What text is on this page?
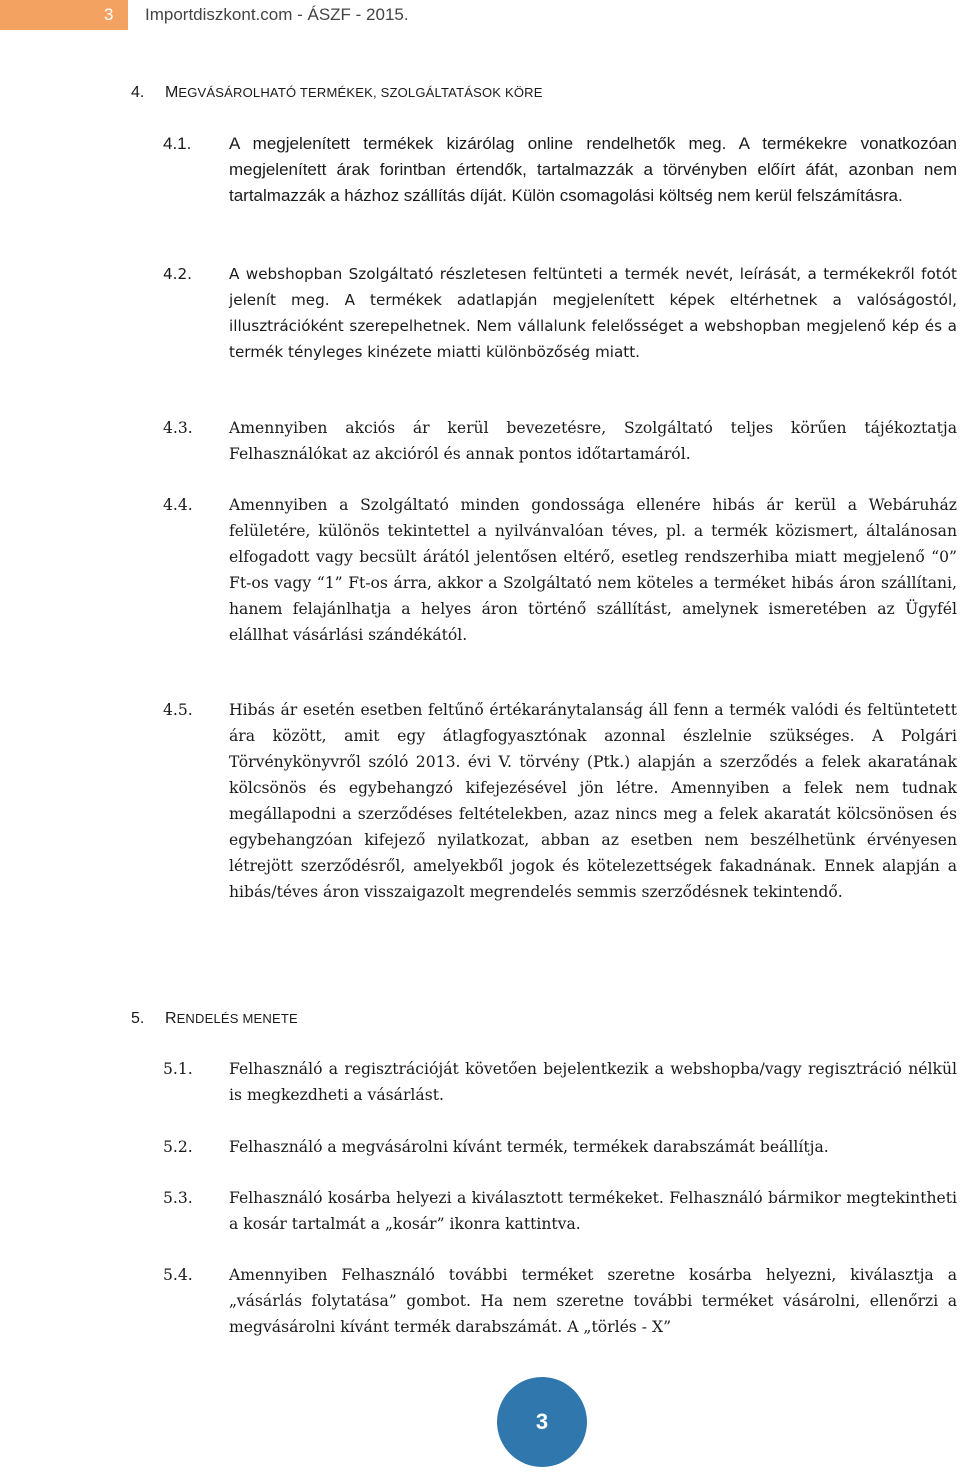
3	Importdiszkont.com - ÁSZF - 2015.
4. MEGVÁSÁROLHATÓ TERMÉKEK, SZOLGÁLTATÁSOK KÖRE
4.1. A megjelenített termékek kizárólag online rendelhetők meg. A termékekre vonatkozóan megjelenített árak forintban értendők, tartalmazzák a törvényben előírt áfát, azonban nem tartalmazzák a házhoz szállítás díját. Külön csomagolási költség nem kerül felszámításra.
4.2. A webshopban Szolgáltató részletesen feltünteti a termék nevét, leírását, a termékekről fotót jelenít meg. A termékek adatlapján megjelenített képek eltérhetnek a valóságostól, illusztrációként szerepelhetnek. Nem vállalunk felelősséget a webshopban megjelenő kép és a termék tényleges kinézete miatti különbözőség miatt.
4.3. Amennyiben akciós ár kerül bevezetésre, Szolgáltató teljes körűen tájékoztatja Felhasználókat az akcióról és annak pontos időtartamáról.
4.4. Amennyiben a Szolgáltató minden gondossága ellenére hibás ár kerül a Webáruház felületére, különös tekintettel a nyilvánvalóan téves, pl. a termék közismert, általánosan elfogadott vagy becsült árától jelentősen eltérő, esetleg rendszerhiba miatt megjelenő “0” Ft-os vagy “1” Ft-os árra, akkor a Szolgáltató nem köteles a terméket hibás áron szállítani, hanem felajánlhatja a helyes áron történő szállítást, amelynek ismeretében az Ügyfél elállhat vásárlási szándékától.
4.5. Hibás ár esetén esetben feltűnő értékaránytalanság áll fenn a termék valódi és feltüntetett ára között, amit egy átlagfogyasztónak azonnal észlelnie szükséges. A Polgári Törvénykönyvről szóló 2013. évi V. törvény (Ptk.) alapján a szerződés a felek akaratának kölcsönös és egybehangzó kifejezésével jön létre. Amennyiben a felek nem tudnak megállapodni a szerződéses feltételekben, azaz nincs meg a felek akaratát kölcsönösen és egybehangzóan kifejező nyilatkozat, abban az esetben nem beszélhetünk érvényesen létrejött szerződésről, amelyekből jogok és kötelezettségek fakadnának. Ennek alapján a hibás/téves áron visszaigazolt megrendelés semmis szerződésnek tekintendő.
5. RENDELÉS MENETE
5.1. Felhasználó a regisztrációját követően bejelentkezik a webshopba/vagy regisztráció nélkül is megkezdheti a vásárlást.
5.2. Felhasználó a megvásárolni kívánt termék, termékek darabszámát beállítja.
5.3. Felhasználó kosárba helyezi a kiválasztott termékeket. Felhasználó bármikor megtekintheti a kosár tartalmát a „kosár” ikonra kattintva.
5.4. Amennyiben Felhasználó további terméket szeretne kosárba helyezni, kiválasztja a „vásárlás folytatása” gombot. Ha nem szeretne további terméket vásárolni, ellenőrzi a megvásárolni kívánt termék darabszámát. A „törlés - X”
3
